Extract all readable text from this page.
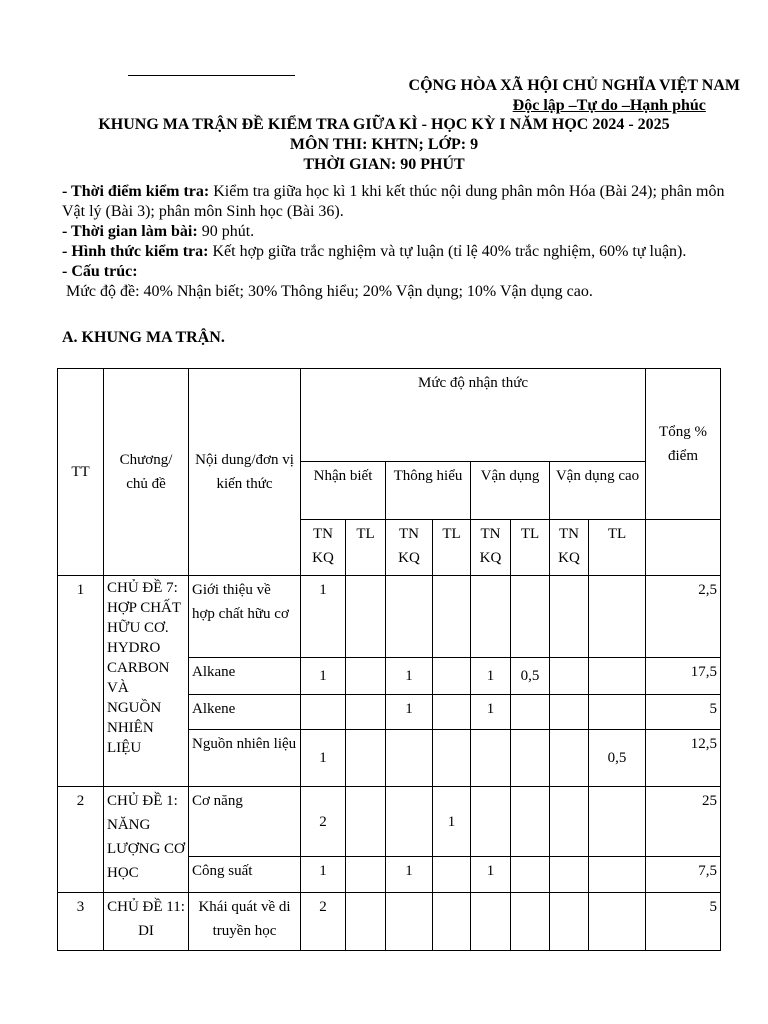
CỘNG HÒA XÃ HỘI CHỦ NGHĨA VIỆT NAM
Độc lập –Tự do –Hạnh phúc
KHUNG MA TRẬN ĐỀ KIỂM TRA GIỮA KÌ - HỌC KỲ I NĂM HỌC 2024 - 2025
MÔN THI: KHTN; LỚP: 9
THỜI GIAN: 90 PHÚT

- Thời điểm kiểm tra: Kiểm tra giữa học kì 1 khi kết thúc nội dung phân môn Hóa (Bài 24); phân môn Vật lý (Bài 3); phân môn Sinh học (Bài 36).

- Thời gian làm bài: 90 phút.

- Hình thức kiểm tra: Kết hợp giữa trắc nghiệm và tự luận (tỉ lệ 40% trắc nghiệm, 60% tự luận).

- Cấu trúc:

Mức độ đề: 40% Nhận biết; 30% Thông hiểu; 20% Vận dụng; 10% Vận dụng cao.

A. KHUNG MA TRẬN.
TT	Chương/ chủ đề	Nội dung/đơn vị kiến thức	Mức độ nhận thức								Tổng % điểm
			Nhận biết		Thông hiểu		Vận dụng		Vận dụng cao		
			TN KQ	TL	TN KQ	TL	TN KQ	TL	TN KQ	TL	
1	CHỦ ĐỀ 7: HỢP CHẤT HỮU CƠ. HYDRO CARBON VÀ NGUỒN NHIÊN LIỆU	Giới thiệu về hợp chất hữu cơ	1								2,5
		Alkane	1		1		1	0,5			17,5
		Alkene			1		1				5
		Nguồn nhiên liệu	1							0,5	12,5
2	CHỦ ĐỀ 1: NĂNG LƯỢNG CƠ HỌC	Cơ năng	2			1					25
		Công suất	1		1		1				7,5
3	CHỦ ĐỀ 11: DI	Khái quát về di truyền học	2								5
